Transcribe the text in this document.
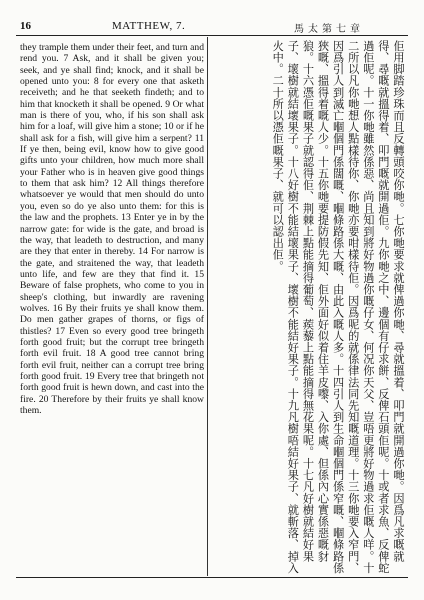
16	MATTHEW, 7.	馬太第七章

they trample them under their feet, and turn and rend you. 7 Ask, and it shall be given you; seek, and ye shall find; knock, and it shall be opened unto you: 8 for every one that asketh receiveth; and he that seeketh findeth; and to him that knocketh it shall be opened. 9 Or what man is there of you, who, if his son shall ask him for a loaf, will give him a stone; 10 or if he shall ask for a fish, will give him a serpent? 11 If ye then, being evil, know how to give good gifts unto your children, how much more shall your Father who is in heaven give good things to them that ask him? 12 All things therefore whatsoever ye would that men should do unto you, even so do ye also unto them: for this is the law and the prophets. 13 Enter ye in by the narrow gate: for wide is the gate, and broad is the way, that leadeth to destruction, and many are they that enter in thereby. 14 For narrow is the gate, and straitened the way, that leadeth unto life, and few are they that find it. 15 Beware of false prophets, who come to you in sheep's clothing, but inwardly are ravening wolves. 16 By their fruits ye shall know them. Do men gather grapes of thorns, or figs of thistles? 17 Even so every good tree bringeth forth good fruit; but the corrupt tree bringeth forth evil fruit. 18 A good tree cannot bring forth evil fruit, neither can a corrupt tree bring forth good fruit. 19 Every tree that bringeth not forth good fruit is hewn down, and cast into the fire. 20 Therefore by their fruits ye shall know them.	佢用脚踏珍珠而且反轉頭咬你哋。七你哋要求就俾過你哋、尋就搵着、叩門就開過你哋。因爲凡求嘅就得、尋嘅就搵得着、叩門嘅就開過佢。九你哋之中、邊個有仔求餅、反俾石頭佢呢。十或者求魚、反俾蛇過佢呢。十一你哋雖然係惡、尚且知到將好物過你嘅仔女、何况你天父、豈唔更將好物過求佢嘅人咩。十二所以凡你哋想人點樣待你、你哋亦要咁樣待佢。因爲呢的就係律法同先知嘅道理。十三你哋要入窄門、因爲引人到滅亡嗰個門係闊嘅、嗰條路係大嘅、由此入嘅人多。十四引人到生命嗰個門係窄嘅、嗰條路係狹嘅、搵得着嘅人少。十五你哋要提防假先知、佢外面好似着住羊皮嚟、入你處、但係內心實係惡嘅豺狼。十六憑佢嘅果子就認得佢、荆棘上點能摘得葡萄、蒺藜上點能摘得無花果呢。十七凡好樹就結好果子、壞樹就結壞果子。十八好樹不能結壞果子、壞樹不能結好果子。十九凡樹唔結好果子、就斬落、掉入火中。二十所以憑佢嘅果子、就可以認出佢。
